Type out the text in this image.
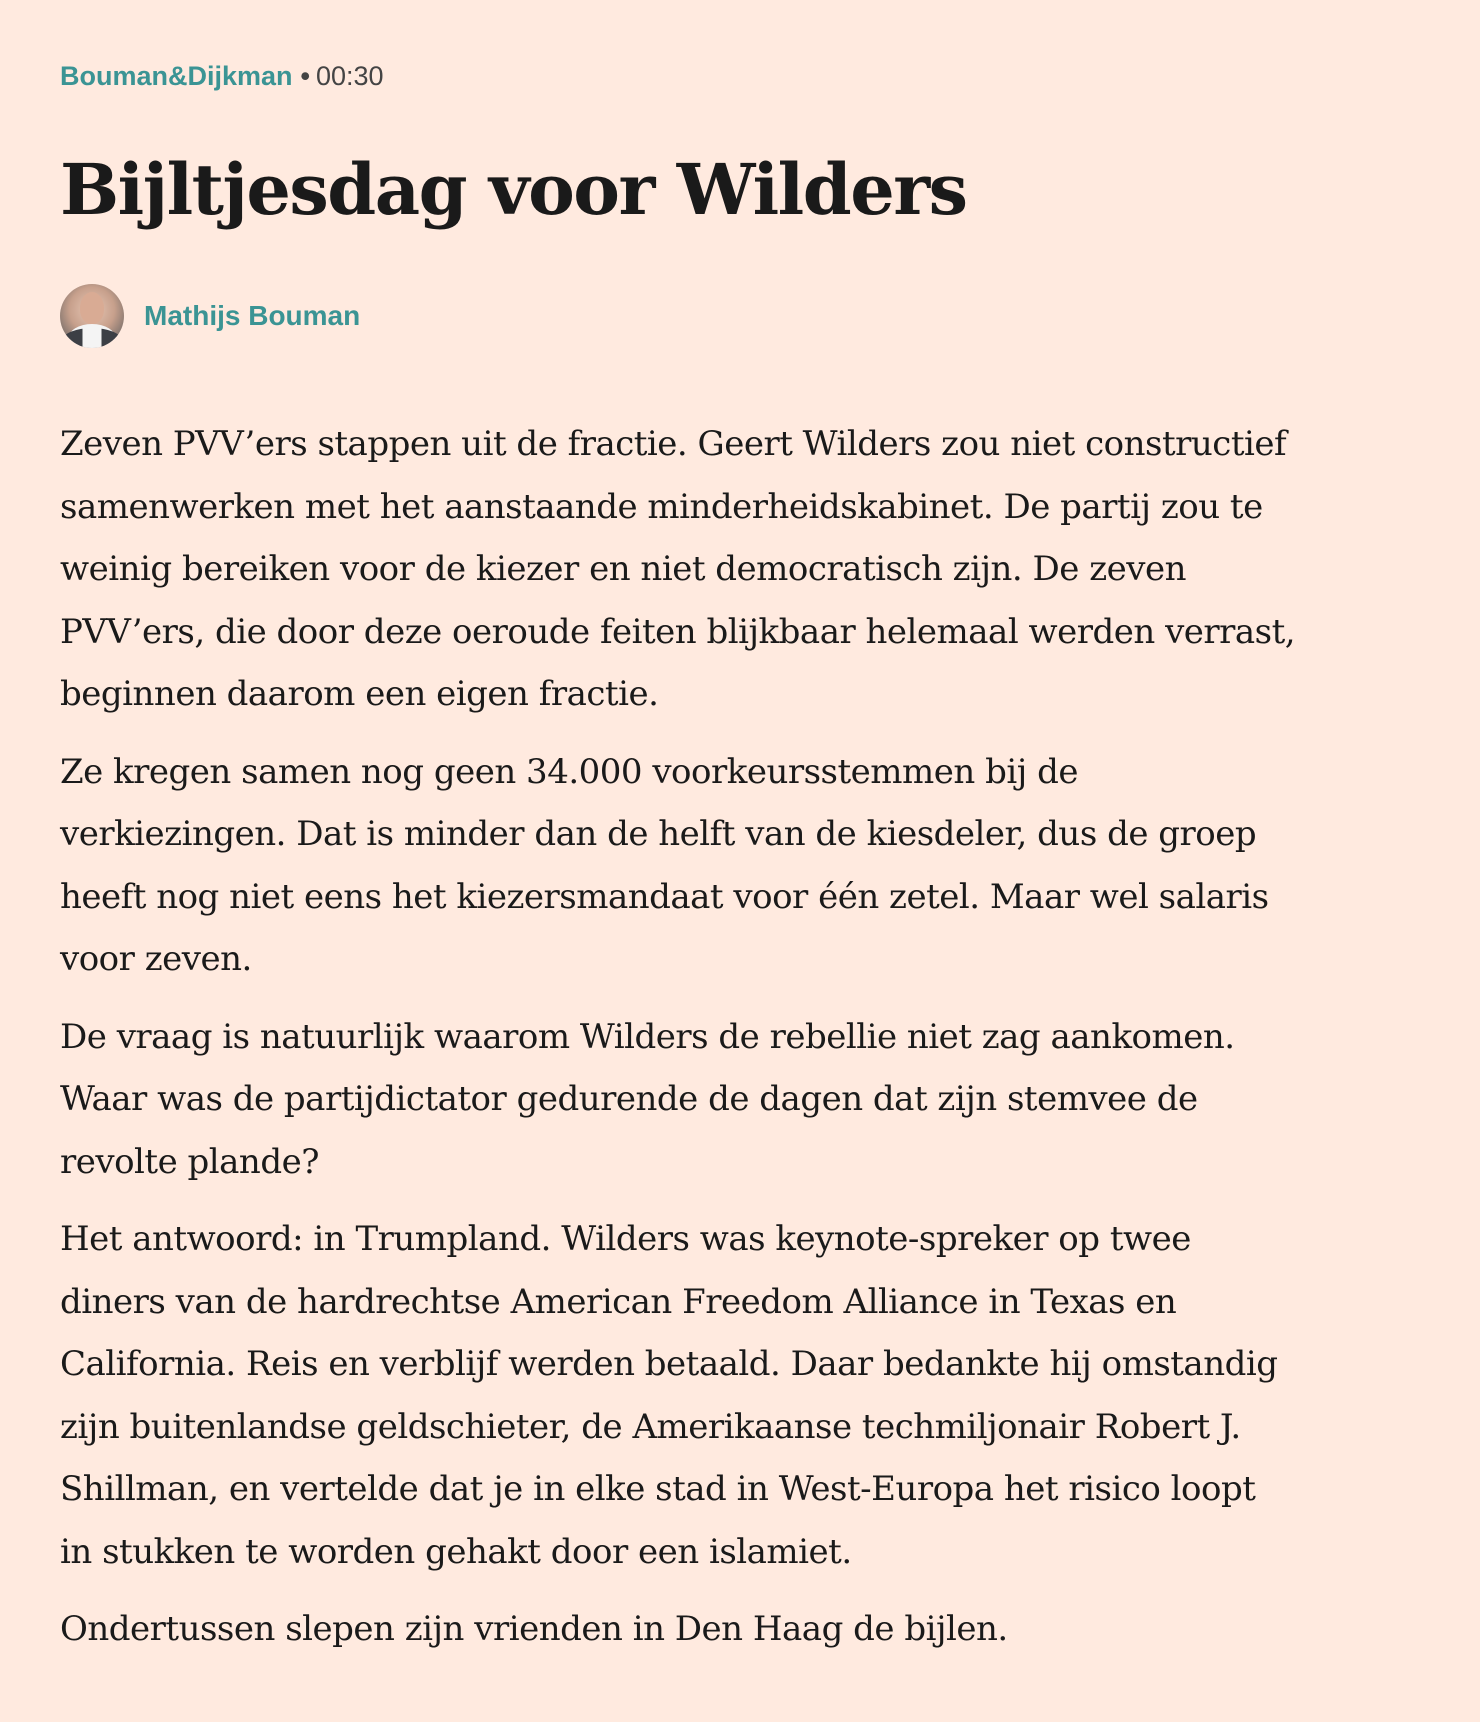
Bouman&Dijkman • 00:30
Bijltjesdag voor Wilders
Mathijs Bouman

Zeven PVV’ers stappen uit de fractie. Geert Wilders zou niet constructief
samenwerken met het aanstaande minderheidskabinet. De partij zou te
weinig bereiken voor de kiezer en niet democratisch zijn. De zeven
PVV’ers, die door deze oeroude feiten blijkbaar helemaal werden verrast,
beginnen daarom een eigen fractie.

Ze kregen samen nog geen 34.000 voorkeursstemmen bij de
verkiezingen. Dat is minder dan de helft van de kiesdeler, dus de groep
heeft nog niet eens het kiezersmandaat voor één zetel. Maar wel salaris
voor zeven.

De vraag is natuurlijk waarom Wilders de rebellie niet zag aankomen.
Waar was de partijdictator gedurende de dagen dat zijn stemvee de
revolte plande?

Het antwoord: in Trumpland. Wilders was keynote-spreker op twee
diners van de hardrechtse American Freedom Alliance in Texas en
California. Reis en verblijf werden betaald. Daar bedankte hij omstandig
zijn buitenlandse geldschieter, de Amerikaanse techmiljonair Robert J.
Shillman, en vertelde dat je in elke stad in West-Europa het risico loopt
in stukken te worden gehakt door een islamiet.

Ondertussen slepen zijn vrienden in Den Haag de bijlen.
